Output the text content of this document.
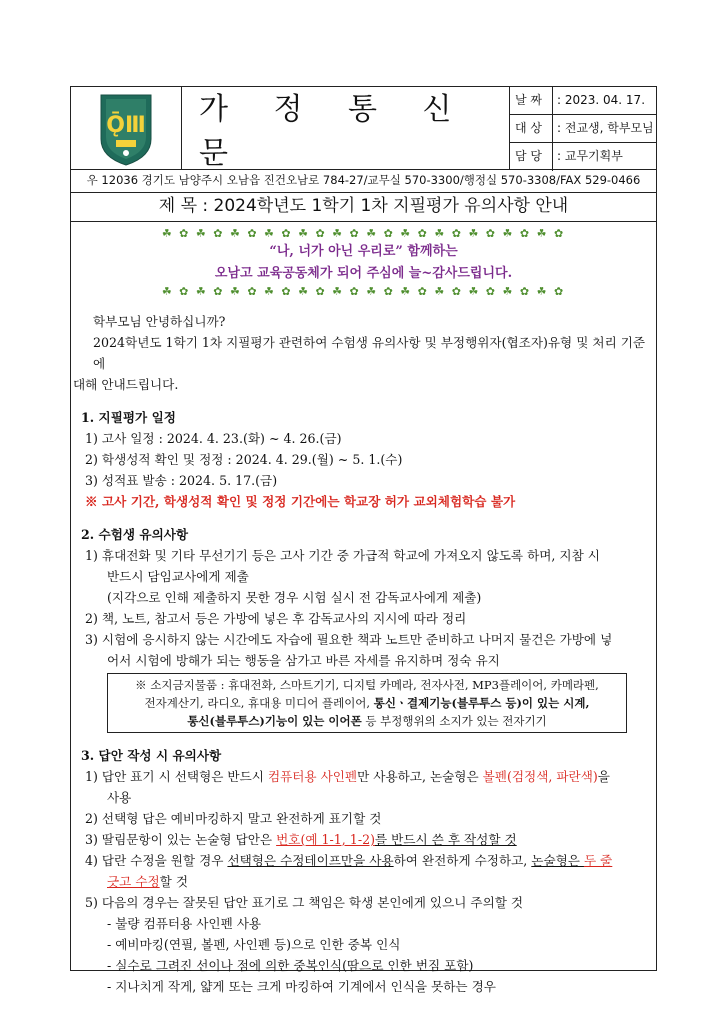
ǬⅢ	가 정 통 신 문
날 짜	: 2023. 04. 17.
대 상	: 전교생, 학부모님
담 당	: 교무기획부
우 12036 경기도 남양주시 오남읍 진건오남로 784-27/교무실 570-3300/행정실 570-3308/FAX 529-0466
제 목 : 2024학년도 1학기 1차 지필평가 유의사항 안내
☘ ✿ ☘ ✿ ☘ ✿ ☘ ✿ ☘ ✿ ☘ ✿ ☘ ✿ ☘ ✿ ☘ ✿ ☘ ✿ ☘ ✿ ☘ ✿
“나, 너가 아닌 우리로” 함께하는
오남고 교육공동체가 되어 주심에 늘~감사드립니다.
☘ ✿ ☘ ✿ ☘ ✿ ☘ ✿ ☘ ✿ ☘ ✿ ☘ ✿ ☘ ✿ ☘ ✿ ☘ ✿ ☘ ✿ ☘ ✿

학부모님 안녕하십니까?

2024학년도 1학기 1차 지필평가 관련하여 수험생 유의사항 및 부정행위자(협조자)유형 및 처리 기준에

대해 안내드립니다.

1. 지필평가 일정

1) 고사 일정 : 2024. 4. 23.(화) ~ 4. 26.(금)

2) 학생성적 확인 및 정정 : 2024. 4. 29.(월) ~ 5. 1.(수)

3) 성적표 발송 : 2024. 5. 17.(금)

※ 고사 기간, 학생성적 확인 및 정정 기간에는 학교장 허가 교외체험학습 불가

2. 수험생 유의사항

1) 휴대전화 및 기타 무선기기 등은 고사 기간 중 가급적 학교에 가져오지 않도록 하며, 지참 시

반드시 담임교사에게 제출

(지각으로 인해 제출하지 못한 경우 시험 실시 전 감독교사에게 제출)

2) 책, 노트, 참고서 등은 가방에 넣은 후 감독교사의 지시에 따라 정리

3) 시험에 응시하지 않는 시간에도 자습에 필요한 책과 노트만 준비하고 나머지 물건은 가방에 넣

어서 시험에 방해가 되는 행동을 삼가고 바른 자세를 유지하며 정숙 유지

※ 소지금지물품 : 휴대전화, 스마트기기, 디지털 카메라, 전자사전, MP3플레이어, 카메라펜,
전자계산기, 라디오, 휴대용 미디어 플레이어, 통신ㆍ결제기능(블루투스 등)이 있는 시계,
통신(블루투스)기능이 있는 이어폰 등 부정행위의 소지가 있는 전자기기

3. 답안 작성 시 유의사항

1) 답안 표기 시 선택형은 반드시 컴퓨터용 사인펜만 사용하고, 논술형은 볼펜(검정색, 파란색)을

사용

2) 선택형 답은 예비마킹하지 말고 완전하게 표기할 것

3) 딸림문항이 있는 논술형 답안은 번호(예 1-1, 1-2)를 반드시 쓴 후 작성할 것

4) 답란 수정을 원할 경우 선택형은 수정테이프만을 사용하여 완전하게 수정하고, 논술형은 두 줄

긋고 수정할 것

5) 다음의 경우는 잘못된 답안 표기로 그 책임은 학생 본인에게 있으니 주의할 것

- 불량 컴퓨터용 사인펜 사용

- 예비마킹(연필, 볼펜, 사인펜 등)으로 인한 중복 인식

- 실수로 그려진 선이나 점에 의한 중복인식(땀으로 인한 번짐 포함)

- 지나치게 작게, 얇게 또는 크게 마킹하여 기계에서 인식을 못하는 경우
